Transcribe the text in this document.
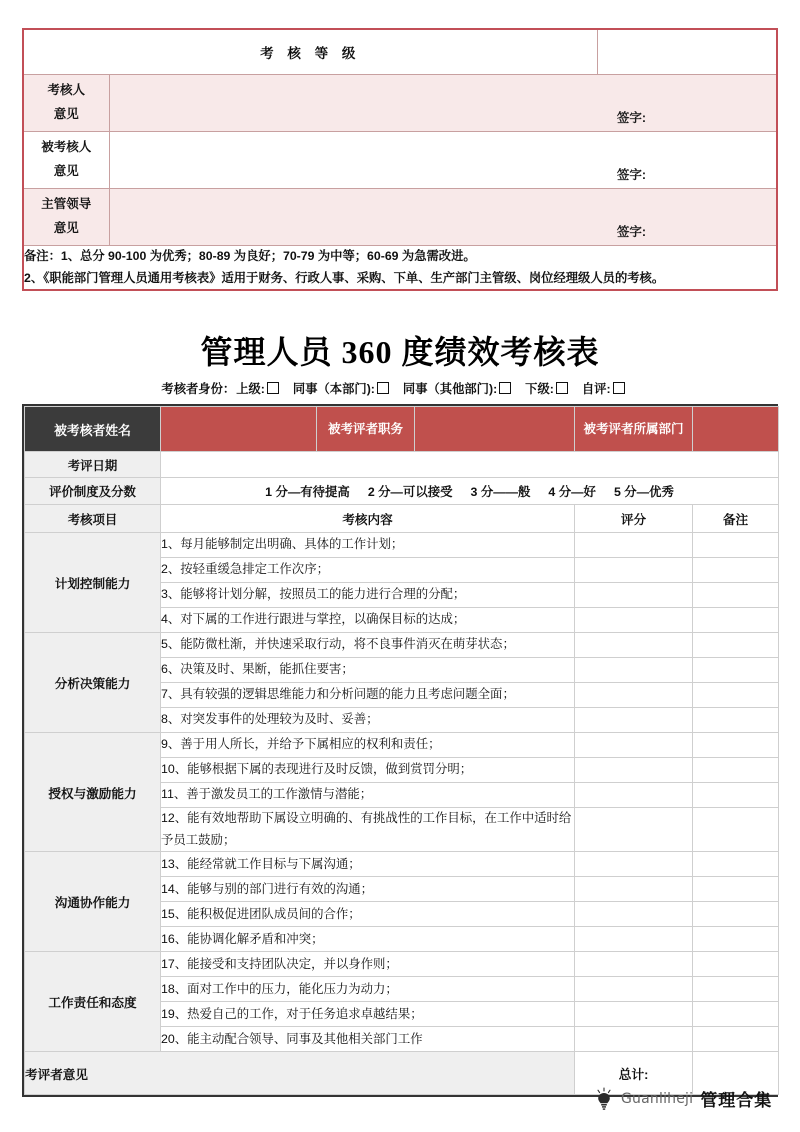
考 核 等 级		

考核人
意见	签字:	

被考核人
意见	签字:	

主管领导
意见	签字:	

备注：1、总分 90-100 为优秀；80-89 为良好；70-79 为中等；60-69 为急需改进。
2、《职能部门管理人员通用考核表》适用于财务、行政人事、采购、下单、生产部门主管级、岗位经理级人员的考核。		
管理人员 360 度绩效考核表
考核者身份：上级: 同事（本部门): 同事（其他部门): 下级: 自评:
被考核者姓名		被考评者职务		被考评者所属部门	
考评日期					
评价制度及分数	1 分—有待提高 2 分—可以接受 3 分——般 4 分—好 5 分—优秀				
考核项目	考核内容			评分	备注
计划控制能力	1、每月能够制定出明确、具体的工作计划；				
	2、按轻重缓急排定工作次序；				
	3、能够将计划分解，按照员工的能力进行合理的分配；				
	4、对下属的工作进行跟进与掌控，以确保目标的达成；				
分析决策能力	5、能防微杜渐，并快速采取行动，将不良事件消灭在萌芽状态；				
	6、决策及时、果断，能抓住要害；				
	7、具有较强的逻辑思维能力和分析问题的能力且考虑问题全面；				
	8、对突发事件的处理较为及时、妥善；				
授权与激励能力	9、善于用人所长，并给予下属相应的权利和责任；				
	10、能够根据下属的表现进行及时反馈，做到赏罚分明；				
	11、善于激发员工的工作激情与潜能；				
	12、能有效地帮助下属设立明确的、有挑战性的工作目标，在工作中适时给予员工鼓励；				
沟通协作能力	13、能经常就工作目标与下属沟通；				
	14、能够与别的部门进行有效的沟通；				
	15、能积极促进团队成员间的合作；				
	16、能协调化解矛盾和冲突；				
工作责任和态度	17、能接受和支持团队决定，并以身作则；				
	18、面对工作中的压力，能化压力为动力；				
	19、热爱自己的工作，对于任务追求卓越结果；				
	20、能主动配合领导、同事及其他相关部门工作				
考评者意见				总计:	
Guanliheji 管理合集
